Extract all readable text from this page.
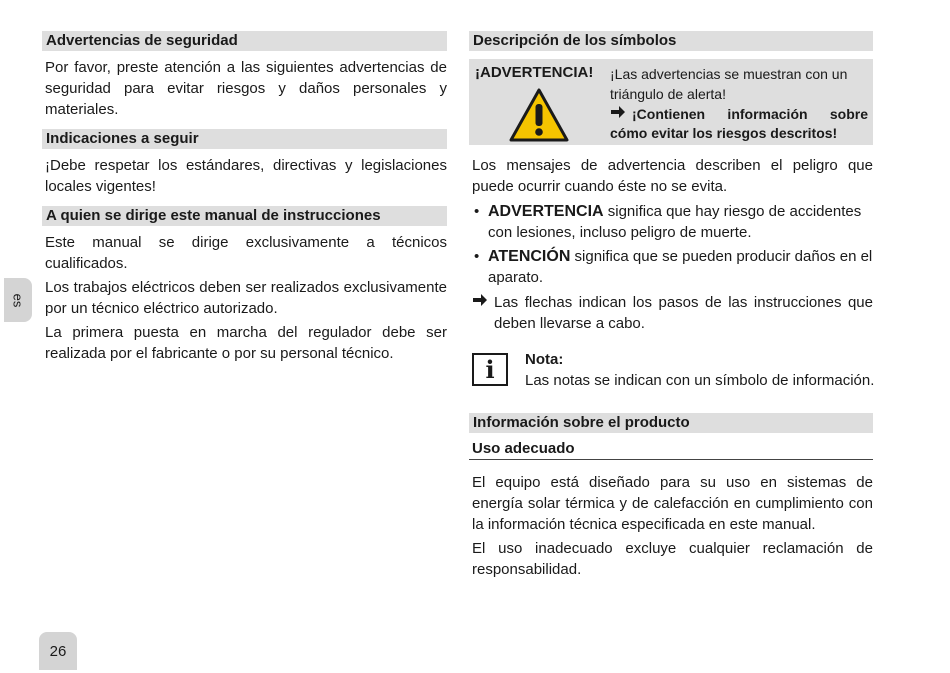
es
Advertencias de seguridad

Por favor, preste atención a las siguientes advertencias de seguridad para evitar riesgos y daños personales y materiales.

Indicaciones a seguir

¡Debe respetar los estándares, directivas y legislaciones locales vigentes!

A quien se dirige este manual de instrucciones

Este manual se dirige exclusivamente a técnicos cualificados.

Los trabajos eléctricos deben ser realizados exclusivamente por un técnico eléctrico autorizado.

La primera puesta en marcha del regulador debe ser realizada por el fabricante o por su personal técnico.

Descripción de los símbolos
¡ADVERTENCIA! ¡Las advertencias se muestran con un triángulo de alerta!
¡Contienen información sobre cómo evitar los riesgos descritos!

Los mensajes de advertencia describen el peligro que puede ocurrir cuando éste no se evita.

• ADVERTENCIA significa que hay riesgo de accidentes con lesiones, incluso peligro de muerte.
• ATENCIÓN significa que se pueden producir daños en el aparato.
Las flechas indican los pasos de las instrucciones que deben llevarse a cabo.
i	Nota:
Las notas se indican con un símbolo de información.
Información sobre el producto
Uso adecuado

El equipo está diseñado para su uso en sistemas de energía solar térmica y de calefacción en cumplimiento con la información técnica especificada en este manual.

El uso inadecuado excluye cualquier reclamación de responsabilidad.

26
